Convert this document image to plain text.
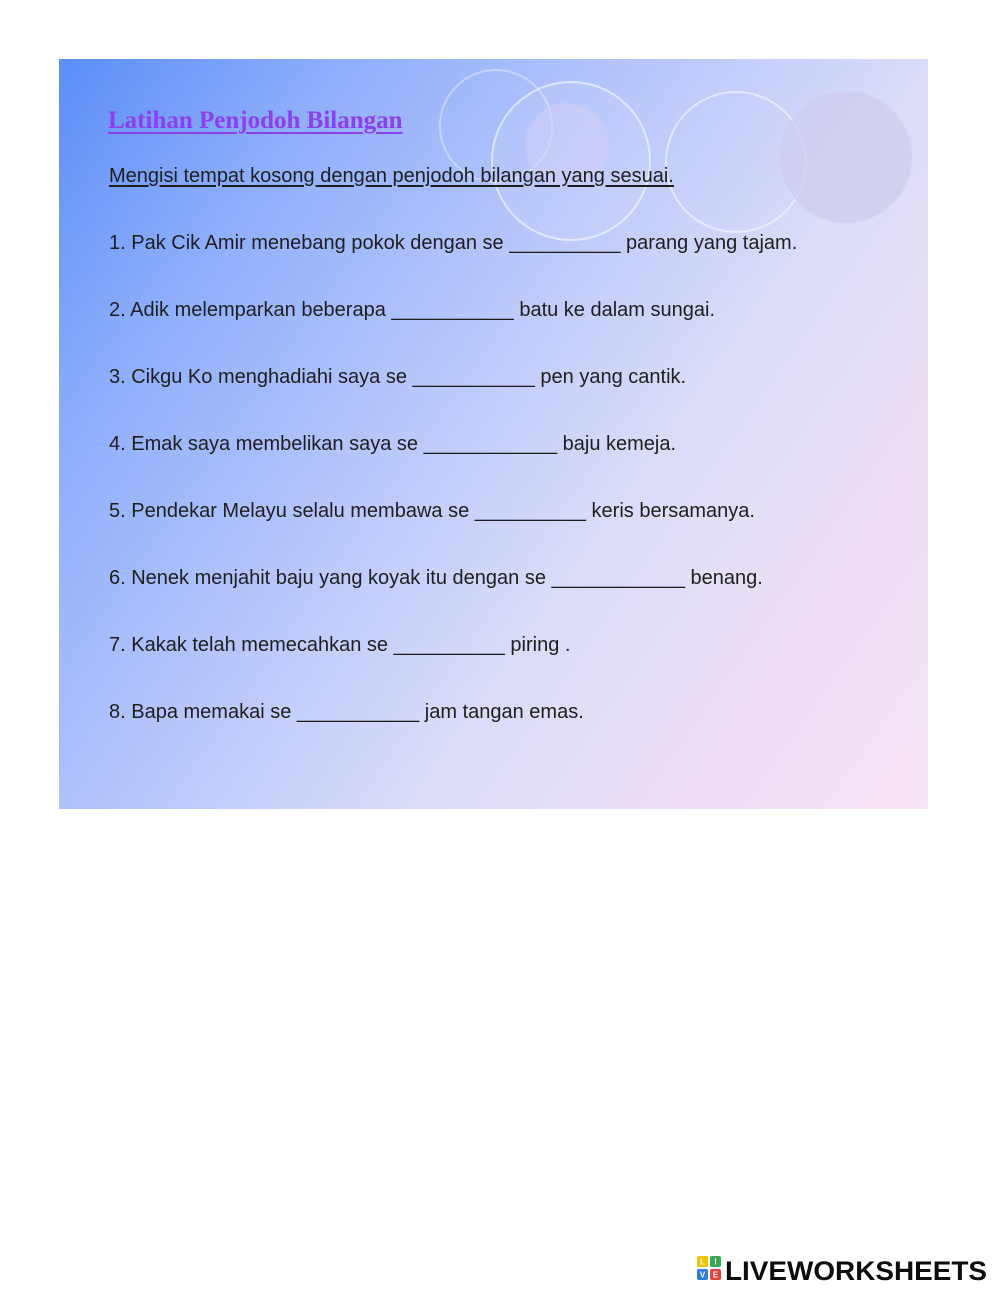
Latihan Penjodoh Bilangan

Mengisi tempat kosong dengan penjodoh bilangan yang sesuai.

1. Pak Cik Amir menebang pokok dengan se __________ parang yang tajam.
2. Adik melemparkan beberapa ___________ batu ke dalam sungai.
3. Cikgu Ko menghadiahi saya se ___________ pen yang cantik.
4. Emak saya membelikan saya se ____________ baju kemeja.
5. Pendekar Melayu selalu membawa se __________ keris bersamanya.
6. Nenek menjahit baju yang koyak itu dengan se ____________ benang.
7. Kakak telah memecahkan se __________ piring .
8. Bapa memakai se ___________ jam tangan emas.
L I
V E LIVEWORKSHEETS
